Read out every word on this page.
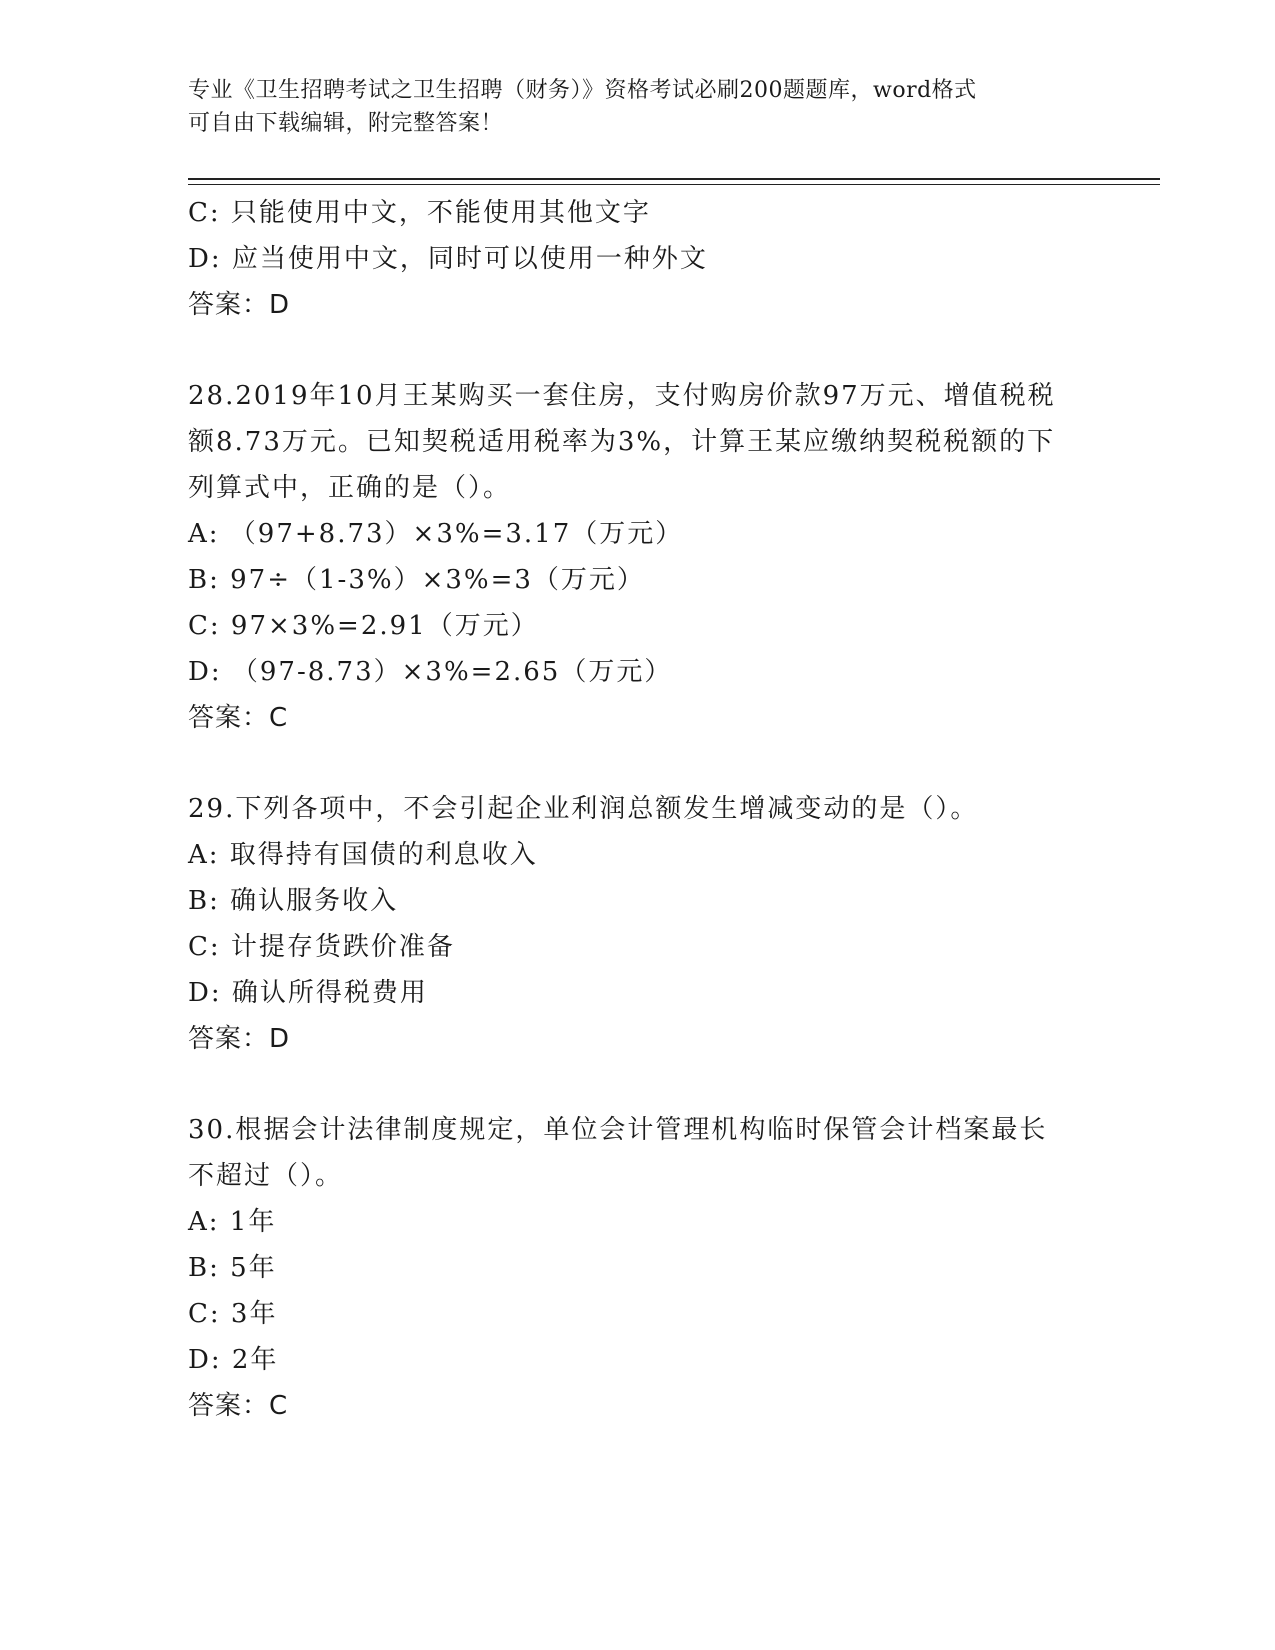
专业《卫生招聘考试之卫生招聘（财务）》资格考试必刷200题题库，word格式
可自由下载编辑，附完整答案！
C: 只能使用中文，不能使用其他文字
D: 应当使用中文，同时可以使用一种外文
答案：D
28.2019年10月王某购买一套住房，支付购房价款97万元、增值税税
额8.73万元。已知契税适用税率为3%，计算王某应缴纳契税税额的下
列算式中，正确的是（）。
A: （97+8.73）×3%=3.17（万元）
B: 97÷（1-3%）×3%=3（万元）
C: 97×3%=2.91（万元）
D: （97-8.73）×3%=2.65（万元）
答案：C
29.下列各项中，不会引起企业利润总额发生增减变动的是（）。
A: 取得持有国债的利息收入
B: 确认服务收入
C: 计提存货跌价准备
D: 确认所得税费用
答案：D
30.根据会计法律制度规定，单位会计管理机构临时保管会计档案最长
不超过（）。
A: 1年
B: 5年
C: 3年
D: 2年
答案：C
